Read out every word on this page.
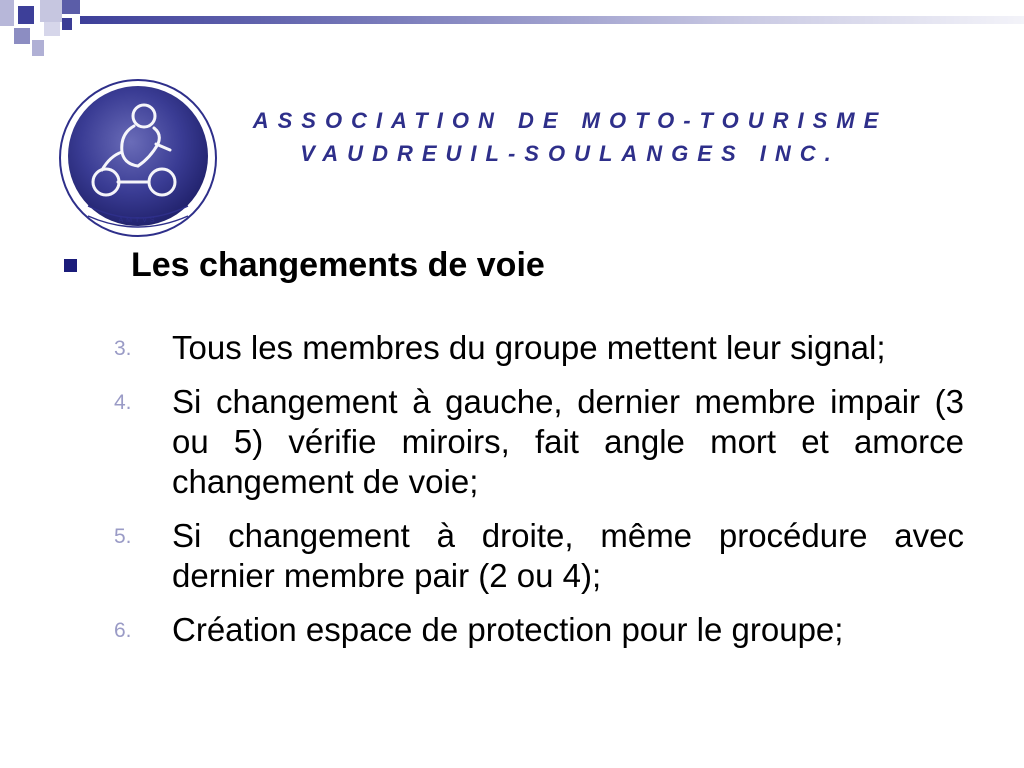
AMTVS
ASSOCIATION DE MOTO-TOURISME
VAUDREUIL-SOULANGES INC.
Les changements de voie
3.	Tous les membres du groupe mettent leur signal;
4.	Si changement à gauche, dernier membre impair (3 ou 5) vérifie miroirs, fait angle mort et amorce changement de voie;
5.	Si changement à droite, même procédure avec dernier membre pair (2 ou 4);
6.	Création espace de protection pour le groupe;
